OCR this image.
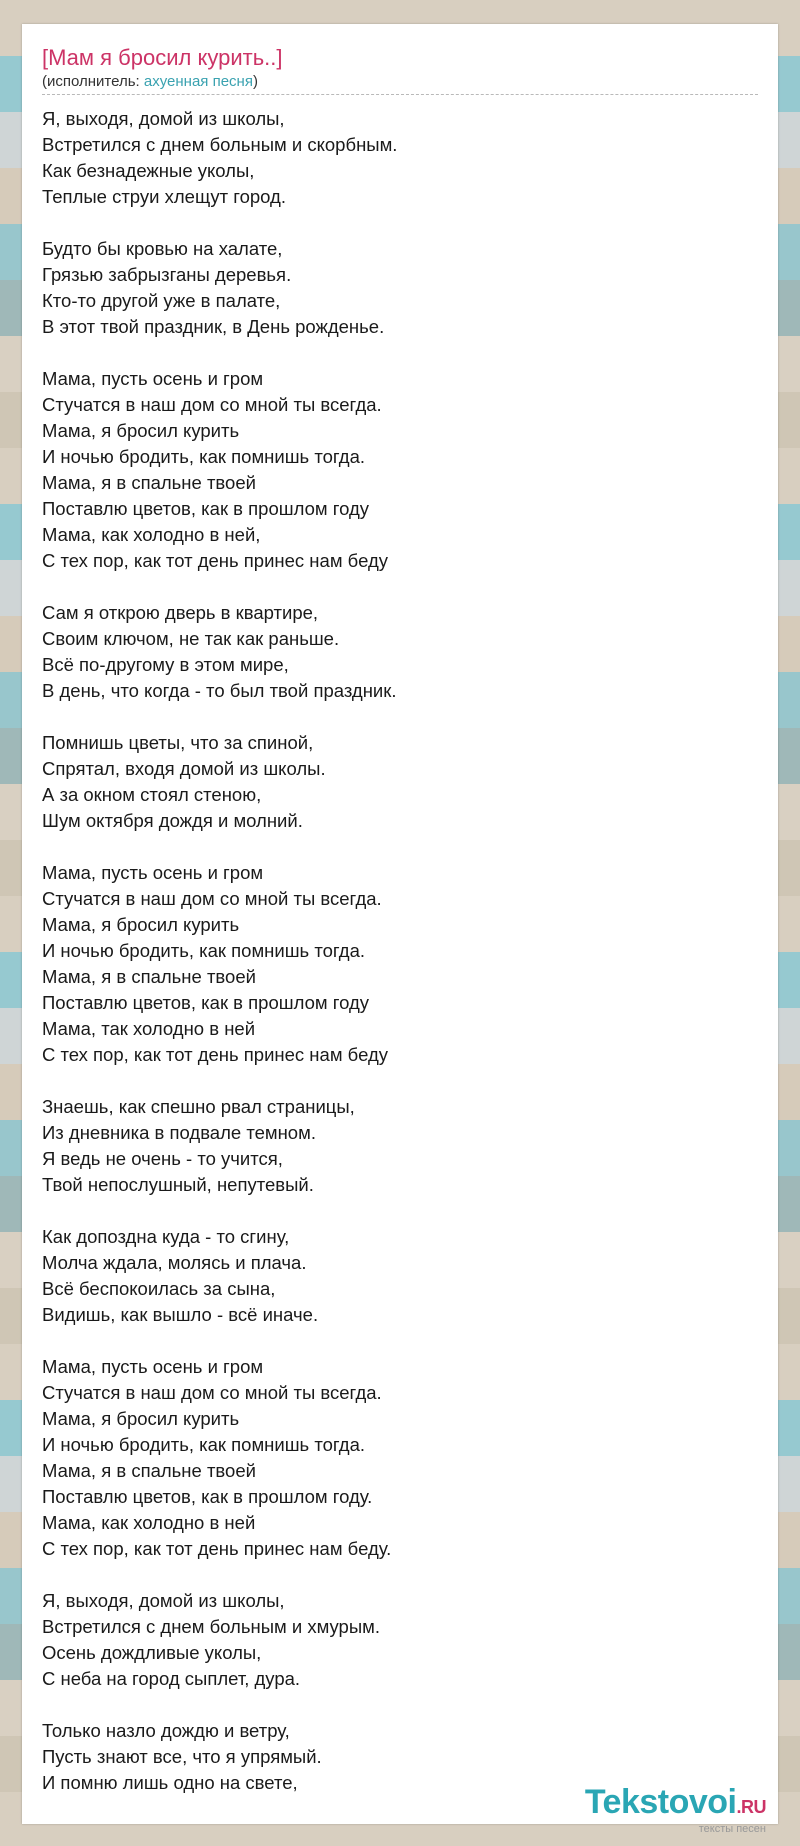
[Мам я бросил курить..]
(исполнитель: ахуенная песня)
Я, выходя, домой из школы,
Встретился с днем больным и скорбным.
Как безнадежные уколы,
Теплые струи хлещут город.
Будто бы кровью на халате,
Грязью забрызганы деревья.
Кто-то другой уже в палате,
В этот твой праздник, в День рожденье.
Мама, пусть осень и гром
Стучатся в наш дом со мной ты всегда.
Мама, я бросил курить
И ночью бродить, как помнишь тогда.
Мама, я в спальне твоей
Поставлю цветов, как в прошлом году
Мама, как холодно в ней,
С тех пор, как тот день принес нам беду
Сам я открою дверь в квартире,
Своим ключом, не так как раньше.
Всё по-другому в этом мире,
В день, что когда - то был твой праздник.
Помнишь цветы, что за спиной,
Спрятал, входя домой из школы.
А за окном стоял стеною,
Шум октября дождя и молний.
Мама, пусть осень и гром
Стучатся в наш дом со мной ты всегда.
Мама, я бросил курить
И ночью бродить, как помнишь тогда.
Мама, я в спальне твоей
Поставлю цветов, как в прошлом году
Мама, так холодно в ней
С тех пор, как тот день принес нам беду
Знаешь, как спешно рвал страницы,
Из дневника в подвале темном.
Я ведь не очень - то учится,
Твой непослушный, непутевый.
Как допоздна куда - то сгину,
Молча ждала, молясь и плача.
Всё беспокоилась за сына,
Видишь, как вышло - всё иначе.
Мама, пусть осень и гром
Стучатся в наш дом со мной ты всегда.
Мама, я бросил курить
И ночью бродить, как помнишь тогда.
Мама, я в спальне твоей
Поставлю цветов, как в прошлом году.
Мама, как холодно в ней
С тех пор, как тот день принес нам беду.
Я, выходя, домой из школы,
Встретился с днем больным и хмурым.
Осень дождливые уколы,
С неба на город сыплет, дура.
Только назло дождю и ветру,
Пусть знают все, что я упрямый.
И помню лишь одно на свете,
Tekstovoi.RU
тексты песен
